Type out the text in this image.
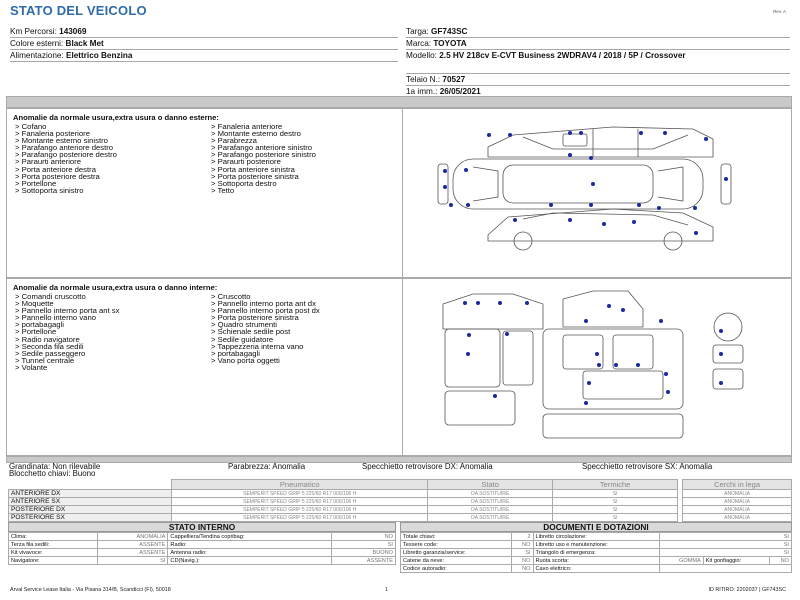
STATO DEL VEICOLO	Rev. A
Km Percorsi: 143069
Colore esterni: Black Met
Alimentazione: Elettrico Benzina
Targa: GF743SC
Marca: TOYOTA
Modello: 2.5 HV 218cv E-CVT Business 2WDRAV4 / 2018 / 5P / Crossover
Telaio N.: 70527
1a imm.: 26/05/2021
Anomalie da normale usura,extra usura o danno esterne:
> Cofano
> Fanaleria posteriore
> Montante esterno sinistro
> Parafango anteriore destro
> Parafango posteriore destro
> Paraurti anteriore
> Porta anteriore destra
> Porta posteriore destra
> Portellone
> Sottoporta sinistro
> Fanaleria anteriore
> Montante esterno destro
> Parabrezza
> Parafango anteriore sinistro
> Parafango posteriore sinistro
> Paraurti posteriore
> Porta anteriore sinistra
> Porta posteriore sinistra
> Sottoporta destro
> Tetto
Anomalie da normale usura,extra usura o danno interne:
> Comandi cruscotto
> Moquette
> Pannello interno porta ant sx
> Pannello interno vano
> portabagagli
> Portellone
> Radio navigatore
> Seconda fila sedili
> Sedile passeggero
> Tunnel centrale
> Volante
> Cruscotto
> Pannello interno porta ant dx
> Pannello interno porta post dx
> Porta posteriore sinistra
> Quadro strumenti
> Schienale sedile post
> Sedile guidatore
> Tappezzeria interna vano
> portabagagli
> Vano porta oggetti
Grandinata: Non rilevabile	Parabrezza: Anomalia	Specchietto retrovisore DX: Anomalia	Specchietto retrovisore SX: Anomalia
Blocchetto chiavi: Buono
	Pneumatico	Stato	Termiche		Cerchi in lega
ANTERIORE DX	SEMPERIT SPEED GRIP 5 225/60 R17 000/106 H	DA SOSTITUIRE	SI		ANOMALIA
ANTERIORE SX	SEMPERIT SPEED GRIP 5 225/60 R17 000/106 H	DA SOSTITUIRE	SI		ANOMALIA
POSTERIORE DX	SEMPERIT SPEED GRIP 5 225/60 R17 000/106 H	DA SOSTITUIRE	SI		ANOMALIA
POSTERIORE SX	SEMPERIT SPEED GRIP 5 225/60 R17 000/106 H	DA SOSTITUIRE	SI		ANOMALIA
STATO INTERNO
Clima:	ANOMALIA	Cappelliera/Tendina copribag:	NO
Terza fila sedili:	ASSENTE	Radio:	SI
Kit vivavoce:	ASSENTE	Antenna radio:	BUONO
Navigatore:	SI	CD(Navig.):	ASSENTE
DOCUMENTI E DOTAZIONI
Totale chiavi:	2	Libretto circolazione:	SI		
Tessere code:	NO	Libretto uso e manutenzione:	SI		
Libretto garanzia/service:	SI	Triangolo di emergenza:	SI		
Catene da neve:	NO	Ruota scorta:	GOMMA	Kit gonfiaggio:	NO
Codice autoradio:	NO	Cavo elettrico:			
Arval Service Lease Italia - Via Pisana 314/B, Scandicci (FI), 50018	1	ID RITIRO: 2202037 | GF743SC
